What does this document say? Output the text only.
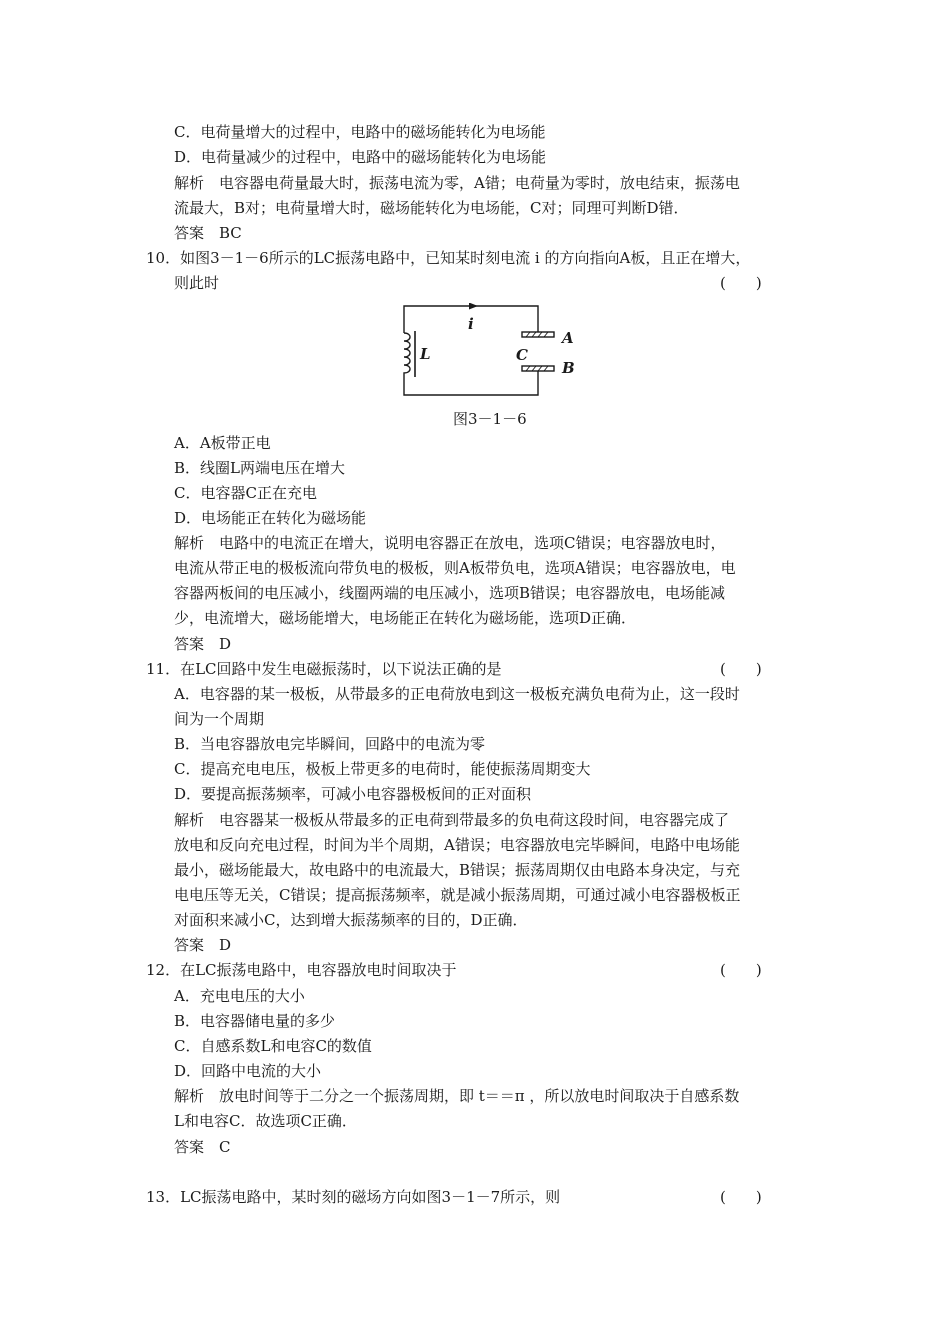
C．电荷量增大的过程中，电路中的磁场能转化为电场能
D．电荷量减少的过程中，电路中的磁场能转化为电场能
解析　电容器电荷量最大时，振荡电流为零，A错；电荷量为零时，放电结束，振荡电
流最大，B对；电荷量增大时，磁场能转化为电场能，C对；同理可判断D错．
答案　BC
10．如图3－1－6所示的LC振荡电路中，已知某时刻电流 i 的方向指向A板，且正在增大，
则此时	(　　)
i
L	C
A
B
图3－1－6
A．A板带正电
B．线圈L两端电压在增大
C．电容器C正在充电
D．电场能正在转化为磁场能
解析　电路中的电流正在增大，说明电容器正在放电，选项C错误；电容器放电时，
电流从带正电的极板流向带负电的极板，则A板带负电，选项A错误；电容器放电，电
容器两板间的电压减小，线圈两端的电压减小，选项B错误；电容器放电，电场能减
少，电流增大，磁场能增大，电场能正在转化为磁场能，选项D正确．
答案　D
11．在LC回路中发生电磁振荡时，以下说法正确的是	(　　)
A．电容器的某一极板，从带最多的正电荷放电到这一极板充满负电荷为止，这一段时
间为一个周期
B．当电容器放电完毕瞬间，回路中的电流为零
C．提高充电电压，极板上带更多的电荷时，能使振荡周期变大
D．要提高振荡频率，可减小电容器极板间的正对面积
解析　电容器某一极板从带最多的正电荷到带最多的负电荷这段时间，电容器完成了
放电和反向充电过程，时间为半个周期，A错误；电容器放电完毕瞬间，电路中电场能
最小，磁场能最大，故电路中的电流最大，B错误；振荡周期仅由电路本身决定，与充
电电压等无关，C错误；提高振荡频率，就是减小振荡周期，可通过减小电容器极板正
对面积来减小C，达到增大振荡频率的目的，D正确．
答案　D
12．在LC振荡电路中，电容器放电时间取决于	(　　)
A．充电电压的大小
B．电容器储电量的多少
C．自感系数L和电容C的数值
D．回路中电流的大小
解析　放电时间等于二分之一个振荡周期，即 t＝＝π ，所以放电时间取决于自感系数
L和电容C．故选项C正确．
答案　C
13．LC振荡电路中，某时刻的磁场方向如图3－1－7所示，则	(　　)
